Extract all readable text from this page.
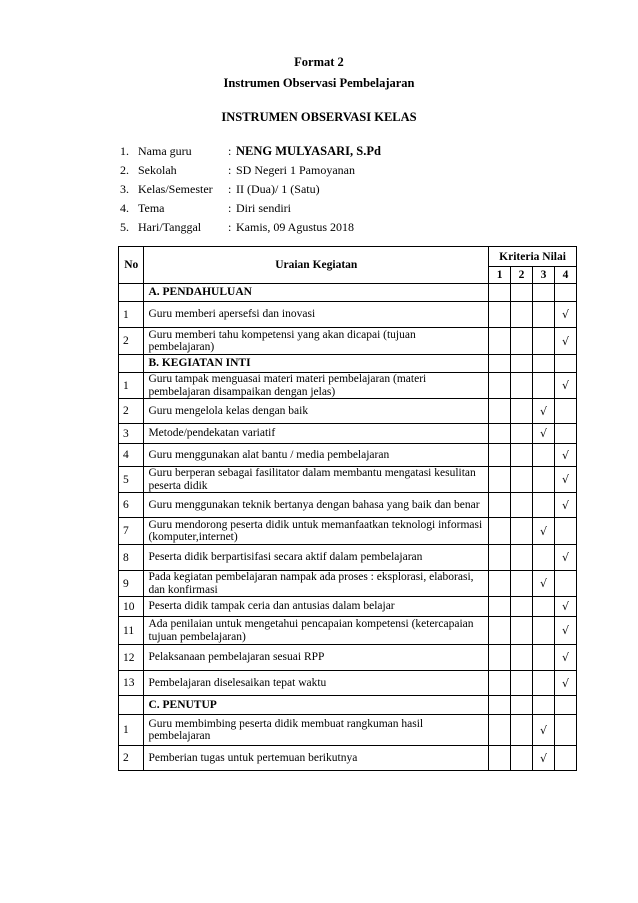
Format 2
Instrumen Observasi Pembelajaran
INSTRUMEN OBSERVASI KELAS
1. Nama guru	: NENG MULYASARI, S.Pd
2. Sekolah	: SD Negeri 1 Pamoyanan
3. Kelas/Semester	: II (Dua)/ 1 (Satu)
4. Tema	: Diri sendiri
5. Hari/Tanggal	: Kamis, 09 Agustus 2018
No	Uraian Kegiatan	Kriteria Nilai			
		1	2	3	4
	A. PENDAHULUAN				
1	Guru memberi apersefsi dan inovasi				√
2	Guru memberi tahu kompetensi yang akan dicapai (tujuan pembelajaran)				√
	B. KEGIATAN INTI				
1	Guru tampak menguasai materi materi pembelajaran (materi pembelajaran disampaikan dengan jelas)				√
2	Guru mengelola kelas dengan baik			√	
3	Metode/pendekatan variatif			√	
4	Guru menggunakan alat bantu / media pembelajaran				√
5	Guru berperan sebagai fasilitator dalam membantu mengatasi kesulitan peserta didik				√
6	Guru menggunakan teknik bertanya dengan bahasa yang baik dan benar				√
7	Guru mendorong peserta didik untuk memanfaatkan teknologi informasi (komputer,internet)			√	
8	Peserta didik berpartisifasi secara aktif dalam pembelajaran				√
9	Pada kegiatan pembelajaran nampak ada proses : eksplorasi, elaborasi, dan konfirmasi			√	
10	Peserta didik tampak ceria dan antusias dalam belajar				√
11	Ada penilaian untuk mengetahui pencapaian kompetensi (ketercapaian tujuan pembelajaran)				√
12	Pelaksanaan pembelajaran sesuai RPP				√
13	Pembelajaran diselesaikan tepat waktu				√
	C. PENUTUP				
1	Guru membimbing peserta didik membuat rangkuman hasil pembelajaran			√	
2	Pemberian tugas untuk pertemuan berikutnya			√	
